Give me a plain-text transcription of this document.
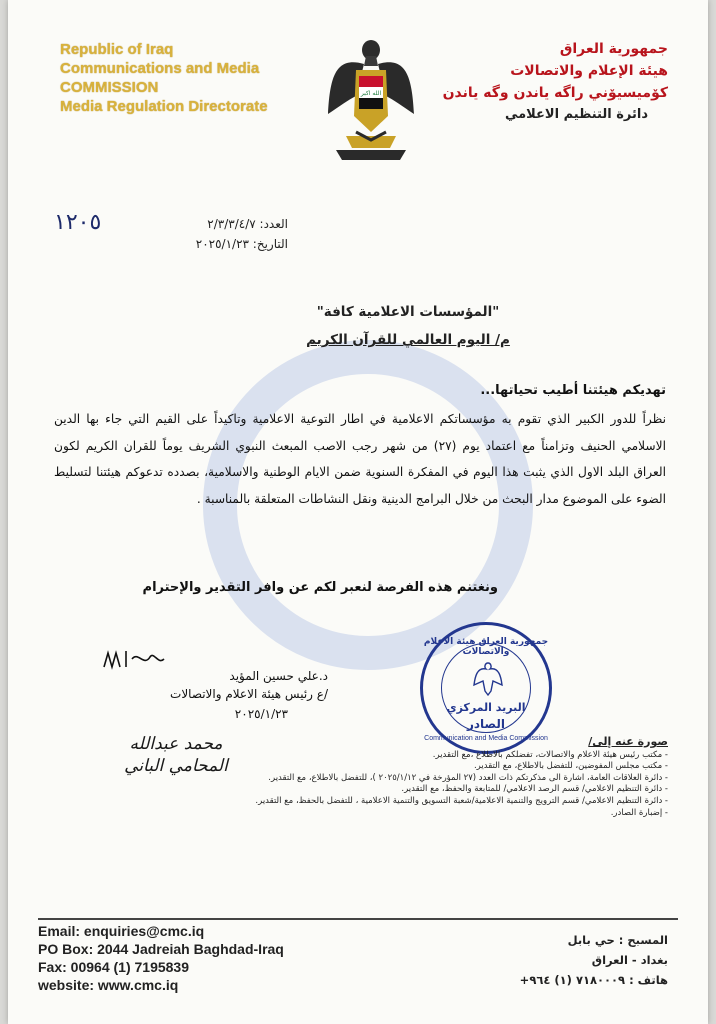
Republic of Iraq
Communications and Media
COMMISSION
Media Regulation Directorate
الله اكبر
جمهورية العراق
هيئة الإعلام والاتصالات
كۆميسيۆني راگه ياندن وگه ياندن
دائرة التنظيم الاعلامي
١٢٠٥	العدد: ٢/٣/٣/٤/٧
التاريخ: ٢٠٢٥/١/٢٣
"المؤسسات الاعلامية كافة"
م/ اليوم العالمي للقرآن الكريم
تهديكم هيئتنا أطيب تحياتها...
نظراً للدور الكبير الذي تقوم به مؤسساتكم الاعلامية في اطار التوعية الاعلامية وتاكيداً على القيم التي جاء بها الدين الاسلامي الحنيف وتزامناً مع اعتماد يوم (٢٧) من شهر رجب الاصب المبعث النبوي الشريف يوماً للقران الكريم لكون العراق البلد الاول الذي يثبت هذا اليوم في المفكرة السنوية ضمن الايام الوطنية والاسلامية، بصدده تدعوكم هيئتنا لتسليط الضوء على الموضوع مدار البحث من خلال البرامج الدينية ونقل النشاطات المتعلقة بالمناسبة .
ونغتنم هذه الفرصة لنعبر لكم عن وافر التقدير والإحترام
د.علي حسين المؤيد
/ع رئيس هيئة الاعلام والاتصالات
٢٠٢٥/١/٢٣
محمد عبدالله
المحامي الباني
جمهورية العراق هيئة الاعلام والاتصالات
البريد المركزي
الصادر
Communication and Media Commission	صورة عنه إلى/
- مكتب رئيس هيئة الاعلام والاتصالات، تفضلكم بالاطلاع ،مع التقدير.
- مكتب مجلس المفوضين، للتفضل بالاطلاع، مع التقدير.
- دائرة العلاقات العامة، اشارة الى مذكرتكم ذات العدد (٢٧ المؤرخة في ٢٠٢٥/١/١٢ )، للتفضل بالاطلاع، مع التقدير.
- دائرة التنظيم الاعلامي/ قسم الرصد الاعلامي/ للمتابعة والحفظ، مع التقدير.
- دائرة التنظيم الاعلامي/ قسم الترويج والتنمية الاعلامية/شعبة التسويق والتنمية الاعلامية ، للتفضل بالحفظ، مع التقدير.
- إضبارة الصادر.
Email: enquiries@cmc.iq
PO Box: 2044 Jadreiah Baghdad-Iraq
Fax: 00964 (1) 7195839
website: www.cmc.iq
المسبح : حي بابل
بغداد - العراق
هاتف : ٧١٨٠٠٠٩ (١) ٩٦٤+
